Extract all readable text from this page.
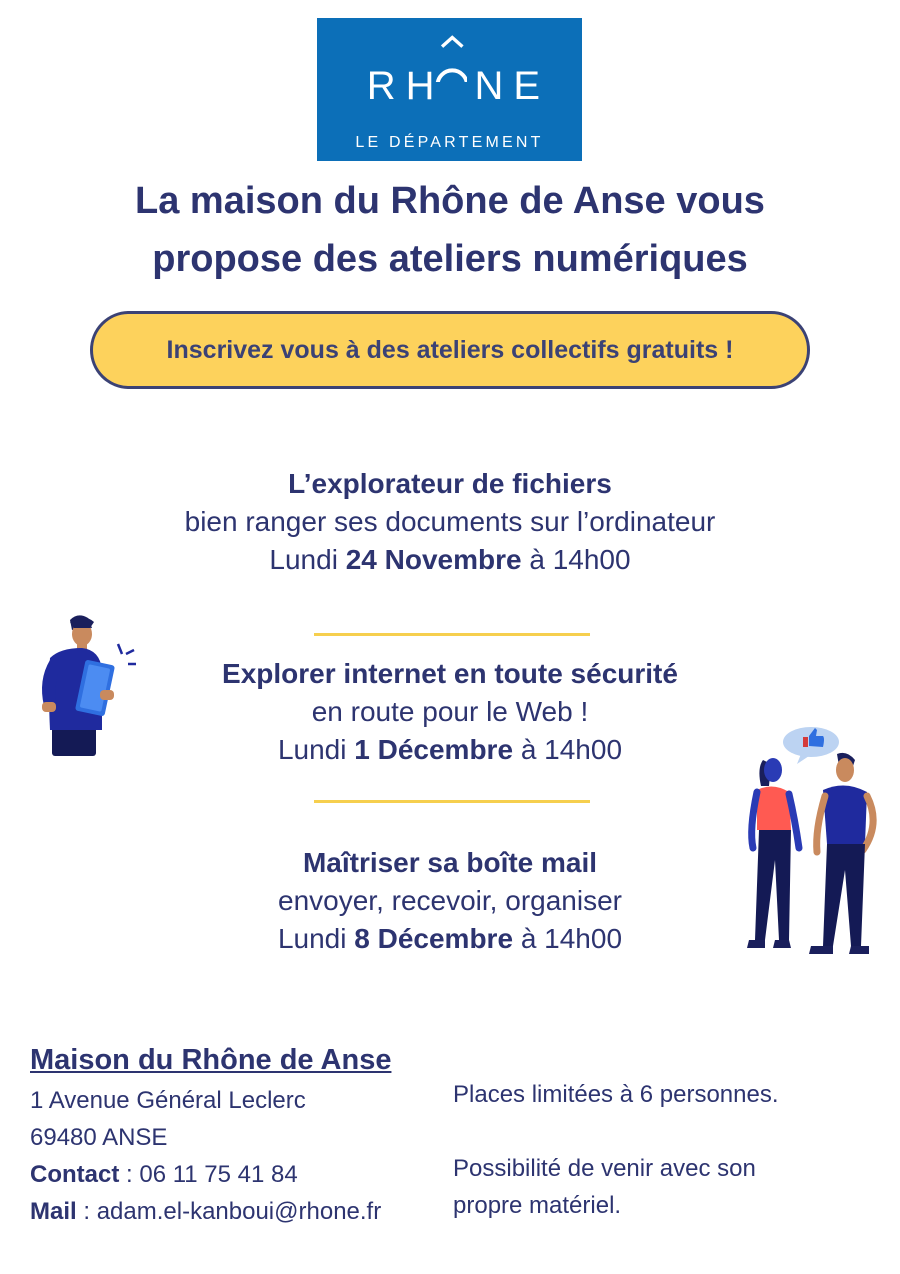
RH NE
LE DÉPARTEMENT
La maison du Rhône de Anse vous
propose des ateliers numériques
Inscrivez vous à des ateliers collectifs gratuits !
L’explorateur de fichiers
bien ranger ses documents sur l’ordinateur
Lundi 24 Novembre à 14h00
Explorer internet en toute sécurité
en route pour le Web !
Lundi 1 Décembre à 14h00
Maîtriser sa boîte mail
envoyer, recevoir, organiser
Lundi 8 Décembre à 14h00
Maison du Rhône de Anse
1 Avenue Général Leclerc
69480 ANSE
Contact : 06 11 75 41 84
Mail : adam.el-kanboui@rhone.fr

Places limitées à 6 personnes.

Possibilité de venir avec son propre matériel.
